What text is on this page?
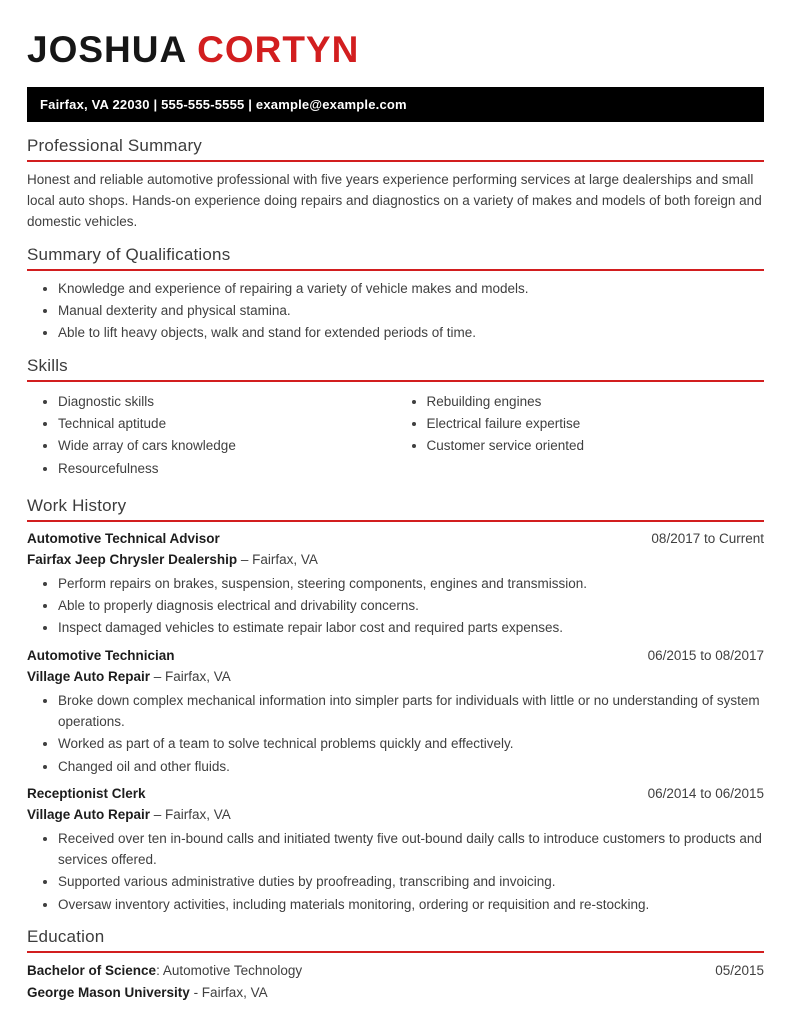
JOSHUA CORTYN
Fairfax, VA 22030 | 555-555-5555 | example@example.com
Professional Summary

Honest and reliable automotive professional with five years experience performing services at large dealerships and small local auto shops. Hands-on experience doing repairs and diagnostics on a variety of makes and models of both foreign and domestic vehicles.

Summary of Qualifications
• Knowledge and experience of repairing a variety of vehicle makes and models.
• Manual dexterity and physical stamina.
• Able to lift heavy objects, walk and stand for extended periods of time.
Skills
• Diagnostic skills
• Technical aptitude
• Wide array of cars knowledge
• Resourcefulness
• Rebuilding engines
• Electrical failure expertise
• Customer service oriented
Work History
Automotive Technical Advisor	08/2017 to Current
Fairfax Jeep Chrysler Dealership – Fairfax, VA
• Perform repairs on brakes, suspension, steering components, engines and transmission.
• Able to properly diagnosis electrical and drivability concerns.
• Inspect damaged vehicles to estimate repair labor cost and required parts expenses.
Automotive Technician	06/2015 to 08/2017
Village Auto Repair – Fairfax, VA
• Broke down complex mechanical information into simpler parts for individuals with little or no understanding of system operations.
• Worked as part of a team to solve technical problems quickly and effectively.
• Changed oil and other fluids.
Receptionist Clerk	06/2014 to 06/2015
Village Auto Repair – Fairfax, VA
• Received over ten in-bound calls and initiated twenty five out-bound daily calls to introduce customers to products and services offered.
• Supported various administrative duties by proofreading, transcribing and invoicing.
• Oversaw inventory activities, including materials monitoring, ordering or requisition and re-stocking.
Education
Bachelor of Science: Automotive Technology	05/2015
George Mason University - Fairfax, VA
